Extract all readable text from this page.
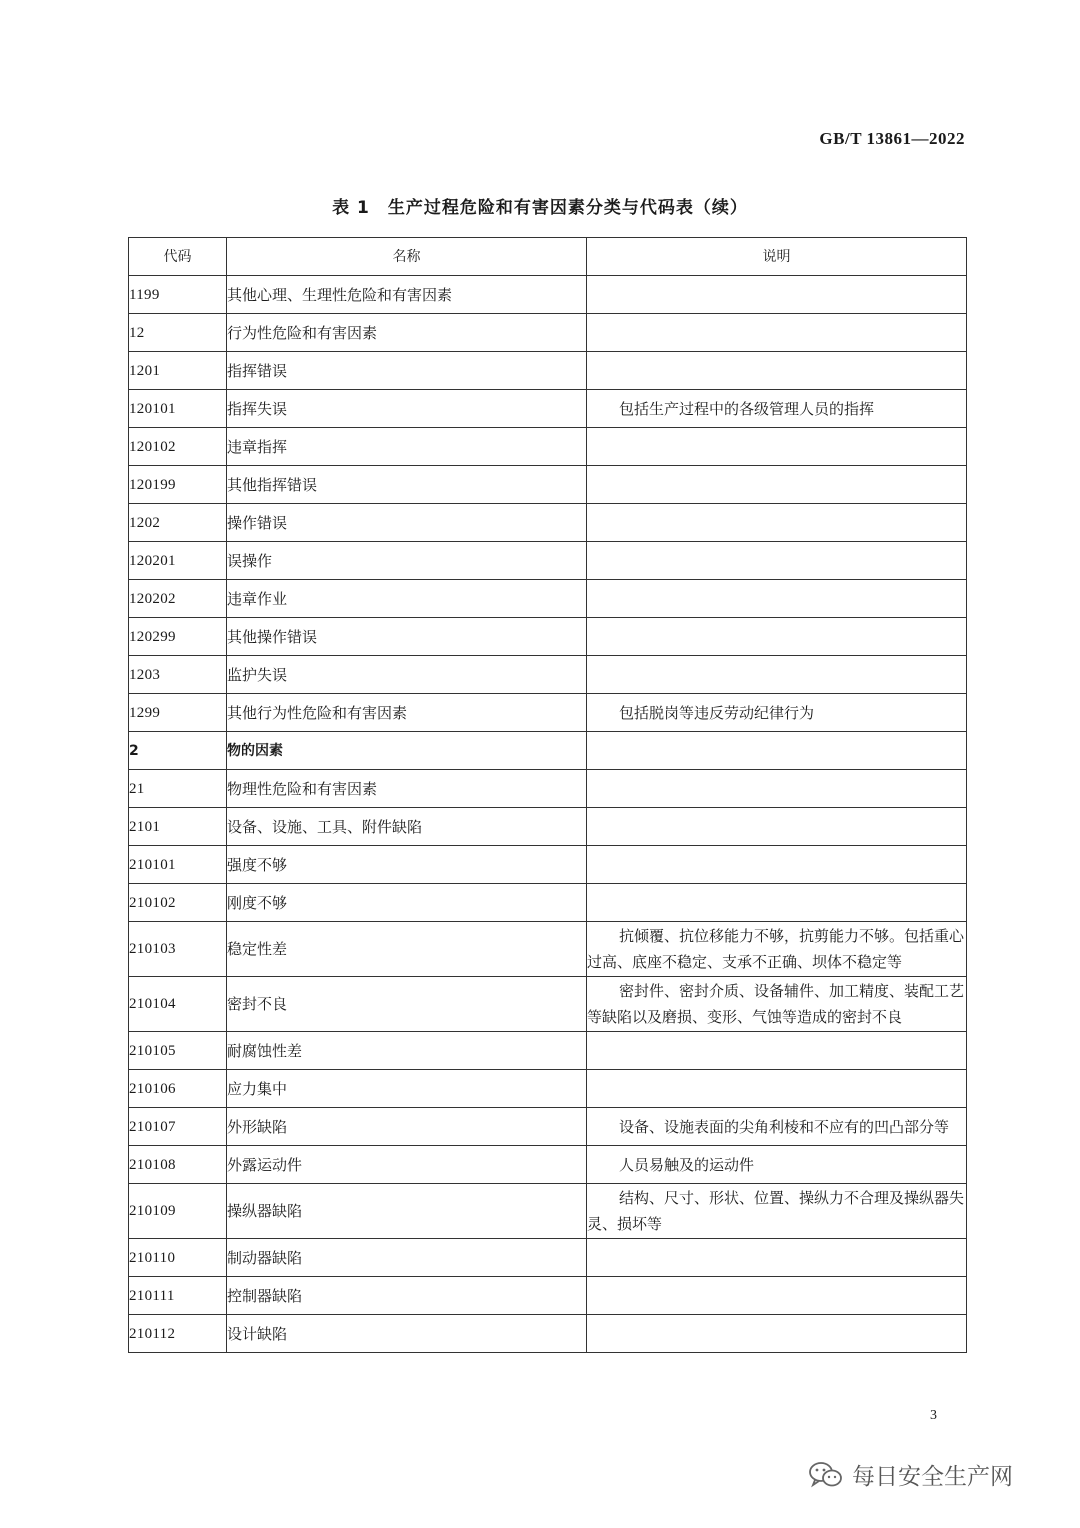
GB/T 13861—2022
表 1　生产过程危险和有害因素分类与代码表（续）
代码	名称	说明
1199	其他心理、生理性危险和有害因素	
12	行为性危险和有害因素	
1201	指挥错误	
120101	指挥失误	包括生产过程中的各级管理人员的指挥

120102	违章指挥	
120199	其他指挥错误	
1202	操作错误	
120201	误操作	
120202	违章作业	
120299	其他操作错误	
1203	监护失误	
1299	其他行为性危险和有害因素	包括脱岗等违反劳动纪律行为

2	物的因素	
21	物理性危险和有害因素	
2101	设备、设施、工具、附件缺陷	
210101	强度不够	
210102	刚度不够	
210103	稳定性差	抗倾覆、抗位移能力不够，抗剪能力不够。包括重心过高、底座不稳定、支承不正确、坝体不稳定等

210104	密封不良	密封件、密封介质、设备辅件、加工精度、装配工艺等缺陷以及磨损、变形、气蚀等造成的密封不良

210105	耐腐蚀性差	
210106	应力集中	
210107	外形缺陷	设备、设施表面的尖角利棱和不应有的凹凸部分等

210108	外露运动件	人员易触及的运动件

210109	操纵器缺陷	结构、尺寸、形状、位置、操纵力不合理及操纵器失灵、损坏等

210110	制动器缺陷	
210111	控制器缺陷	
210112	设计缺陷	
3
每日安全生产网
